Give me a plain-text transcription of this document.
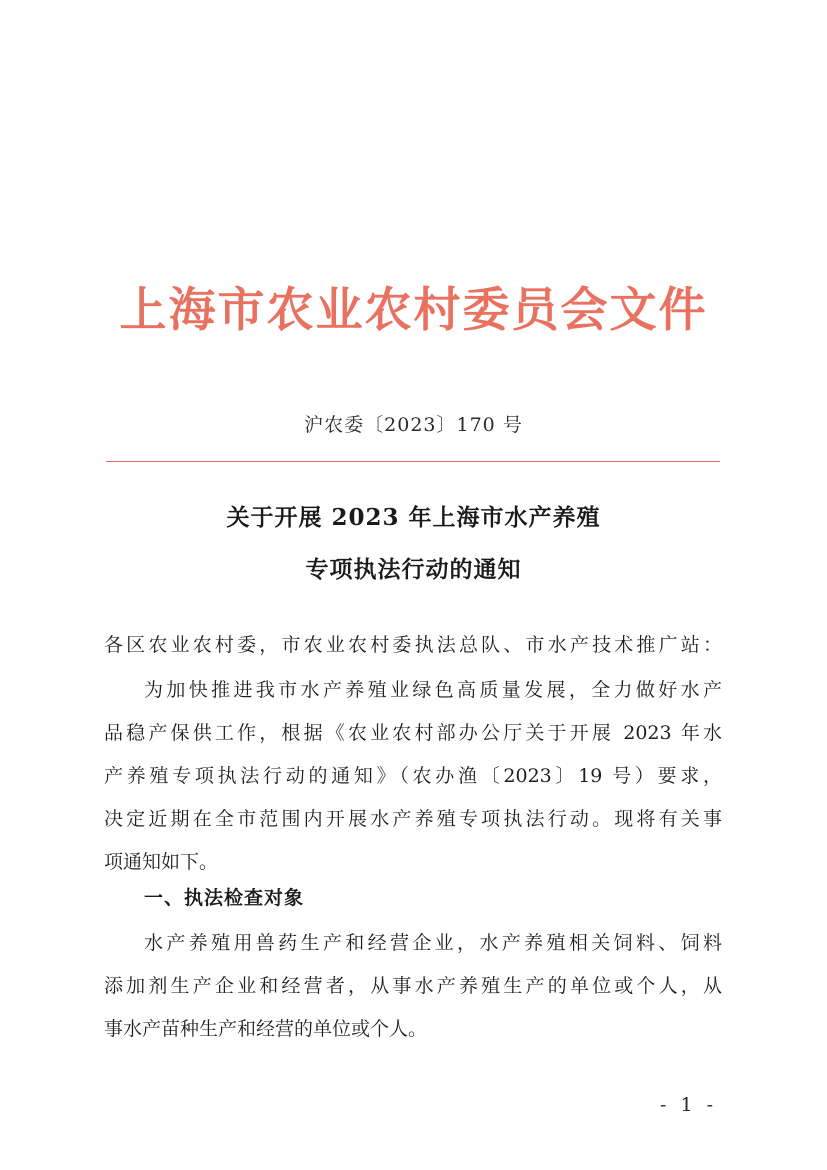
上海市农业农村委员会文件
沪农委〔2023〕170 号
关于开展 2023 年上海市水产养殖
专项执法行动的通知
各区农业农村委，市农业农村委执法总队、市水产技术推广站：
为加快推进我市水产养殖业绿色高质量发展，全力做好水产
品稳产保供工作，根据《农业农村部办公厅关于开展 2023 年水
产养殖专项执法行动的通知》（农办渔〔2023〕19 号）要求，
决定近期在全市范围内开展水产养殖专项执法行动。现将有关事
项通知如下。
一、执法检查对象
水产养殖用兽药生产和经营企业，水产养殖相关饲料、饲料
添加剂生产企业和经营者，从事水产养殖生产的单位或个人，从
事水产苗种生产和经营的单位或个人。
- 1 -
